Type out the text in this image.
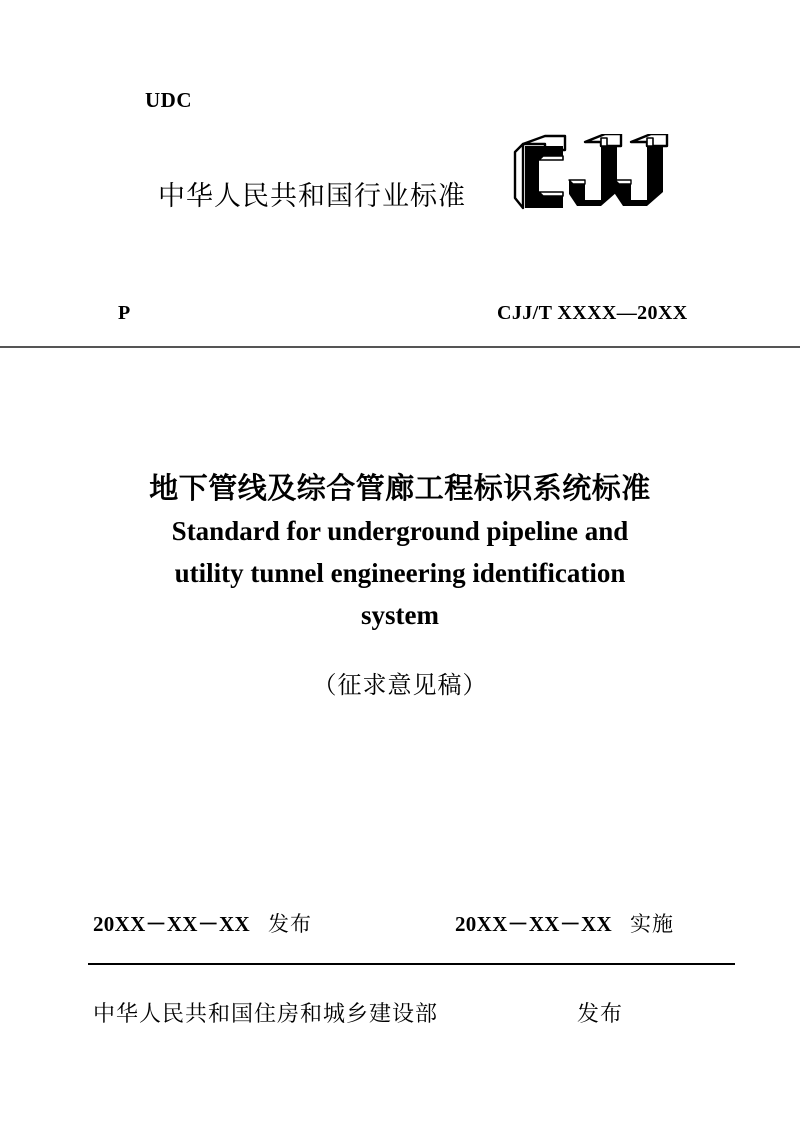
UDC
中华人民共和国行业标准
P	CJJ/T XXXX—20XX
地下管线及综合管廊工程标识系统标准
Standard for underground pipeline and
utility tunnel engineering identification
system
（征求意见稿）
20XX－XX－XX 发布	20XX－XX－XX 实施
中华人民共和国住房和城乡建设部	发布
